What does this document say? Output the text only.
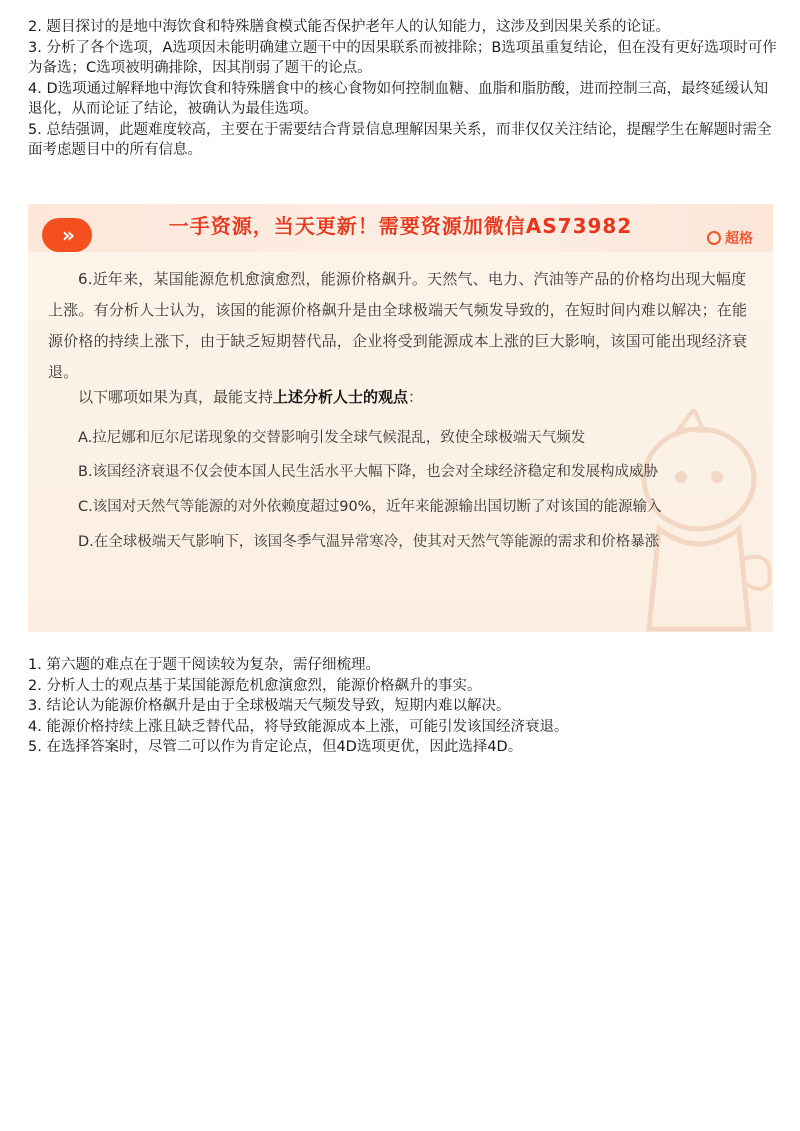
2. 题目探讨的是地中海饮食和特殊膳食模式能否保护老年人的认知能力，这涉及到因果关系的论证。
3. 分析了各个选项，A选项因未能明确建立题干中的因果联系而被排除；B选项虽重复结论，但在没有更好选项时可作为备选；C选项被明确排除，因其削弱了题干的论点。
4. D选项通过解释地中海饮食和特殊膳食中的核心食物如何控制血糖、血脂和脂肪酸，进而控制三高，最终延缓认知退化，从而论证了结论，被确认为最佳选项。
5. 总结强调，此题难度较高，主要在于需要结合背景信息理解因果关系，而非仅仅关注结论，提醒学生在解题时需全面考虑题目中的所有信息。
»	一手资源，当天更新！需要资源加微信AS73982
超格
6.近年来，某国能源危机愈演愈烈，能源价格飙升。天然气、电力、汽油等产品的价格均出现大幅度上涨。有分析人士认为，该国的能源价格飙升是由全球极端天气频发导致的，在短时间内难以解决；在能源价格的持续上涨下，由于缺乏短期替代品，企业将受到能源成本上涨的巨大影响，该国可能出现经济衰退。
以下哪项如果为真，最能支持上述分析人士的观点：
A.拉尼娜和厄尔尼诺现象的交替影响引发全球气候混乱，致使全球极端天气频发
B.该国经济衰退不仅会使本国人民生活水平大幅下降，也会对全球经济稳定和发展构成威胁
C.该国对天然气等能源的对外依赖度超过90%，近年来能源输出国切断了对该国的能源输入
D.在全球极端天气影响下，该国冬季气温异常寒冷，使其对天然气等能源的需求和价格暴涨
1. 第六题的难点在于题干阅读较为复杂，需仔细梳理。
2. 分析人士的观点基于某国能源危机愈演愈烈，能源价格飙升的事实。
3. 结论认为能源价格飙升是由于全球极端天气频发导致，短期内难以解决。
4. 能源价格持续上涨且缺乏替代品，将导致能源成本上涨，可能引发该国经济衰退。
5. 在选择答案时，尽管二可以作为肯定论点，但4D选项更优，因此选择4D。
